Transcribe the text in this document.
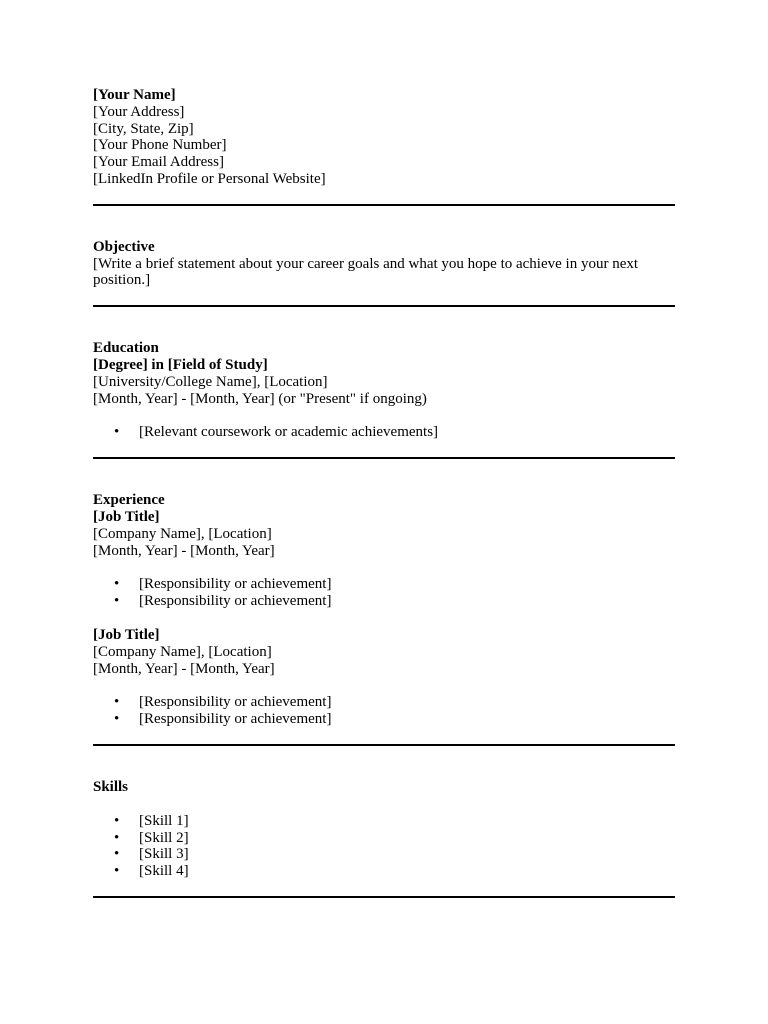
[Your Name]
[Your Address]
[City, State, Zip]
[Your Phone Number]
[Your Email Address]
[LinkedIn Profile or Personal Website]
Objective
[Write a brief statement about your career goals and what you hope to achieve in your next position.]
Education
[Degree] in [Field of Study]
[University/College Name], [Location]
[Month, Year] - [Month, Year] (or "Present" if ongoing)
• [Relevant coursework or academic achievements]
Experience
[Job Title]
[Company Name], [Location]
[Month, Year] - [Month, Year]
• [Responsibility or achievement]
• [Responsibility or achievement]
[Job Title]
[Company Name], [Location]
[Month, Year] - [Month, Year]
• [Responsibility or achievement]
• [Responsibility or achievement]
Skills
• [Skill 1]
• [Skill 2]
• [Skill 3]
• [Skill 4]
